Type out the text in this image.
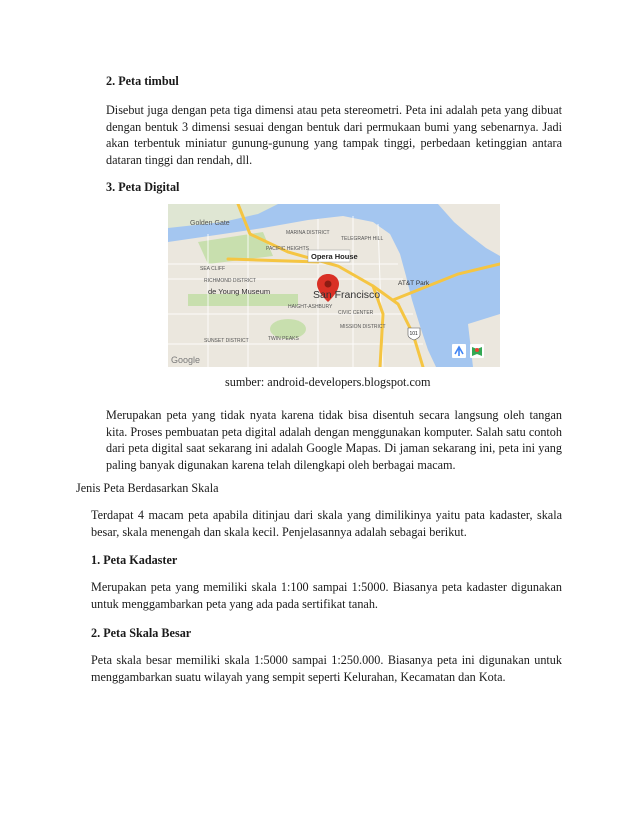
2. Peta timbul

Disebut juga dengan peta tiga dimensi atau peta stereometri. Peta ini adalah peta yang dibuat dengan bentuk 3 dimensi sesuai dengan bentuk dari permukaan bumi yang sebenarnya. Jadi akan terbentuk miniatur gunung-gunung yang tampak tinggi, perbedaan ketinggian antara dataran tinggi dan rendah, dll.

3. Peta Digital
Opera House
Golden Gate
San Francisco
de Young Museum
AT&T Park
MARINA DISTRICT
TELEGRAPH HILL
PACIFIC HEIGHTS
SEA CLIFF
RICHMOND DISTRICT
HAIGHT-ASHBURY
SUNSET DISTRICT
MISSION DISTRICT
CIVIC CENTER
TWIN PEAKS
101
Google
sumber: android-developers.blogspot.com

Merupakan peta yang tidak nyata karena tidak bisa disentuh secara langsung oleh tangan kita. Proses pembuatan peta digital adalah dengan menggunakan komputer. Salah satu contoh dari peta digital saat sekarang ini adalah Google Mapas. Di jaman sekarang ini, peta ini yang paling banyak digunakan karena telah dilengkapi oleh berbagai macam.

Jenis Peta Berdasarkan Skala

Terdapat 4 macam peta apabila ditinjau dari skala yang dimilikinya yaitu pata kadaster, skala besar, skala menengah dan skala kecil. Penjelasannya adalah sebagai berikut.

1. Peta Kadaster

Merupakan peta yang memiliki skala 1:100 sampai 1:5000. Biasanya peta kadaster digunakan untuk menggambarkan peta yang ada pada sertifikat tanah.

2. Peta Skala Besar

Peta skala besar memiliki skala 1:5000 sampai 1:250.000. Biasanya peta ini digunakan untuk menggambarkan suatu wilayah yang sempit seperti Kelurahan, Kecamatan dan Kota.
